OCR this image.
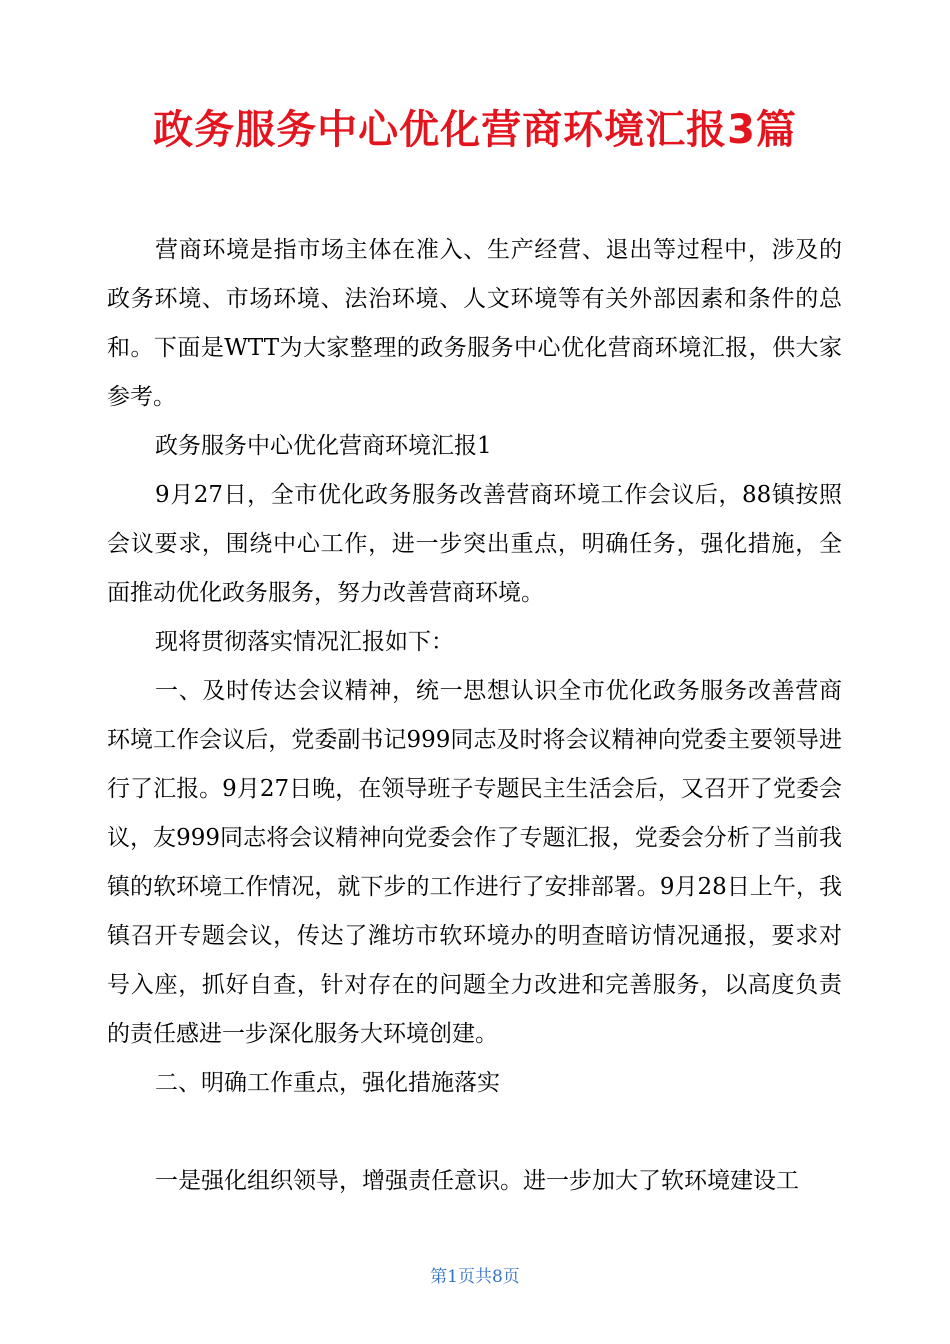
政务服务中心优化营商环境汇报3篇

营商环境是指市场主体在准入、生产经营、退出等过程中，涉及的政务环境、市场环境、法治环境、人文环境等有关外部因素和条件的总和。下面是WTT为大家整理的政务服务中心优化营商环境汇报，供大家参考。

政务服务中心优化营商环境汇报1

9月27日，全市优化政务服务改善营商环境工作会议后，88镇按照会议要求，围绕中心工作，进一步突出重点，明确任务，强化措施，全面推动优化政务服务，努力改善营商环境。

现将贯彻落实情况汇报如下：

一、及时传达会议精神，统一思想认识全市优化政务服务改善营商环境工作会议后，党委副书记999同志及时将会议精神向党委主要领导进行了汇报。9月27日晚，在领导班子专题民主生活会后，又召开了党委会议，友999同志将会议精神向党委会作了专题汇报，党委会分析了当前我镇的软环境工作情况，就下步的工作进行了安排部署。9月28日上午，我镇召开专题会议，传达了潍坊市软环境办的明查暗访情况通报，要求对号入座，抓好自查，针对存在的问题全力改进和完善服务，以高度负责的责任感进一步深化服务大环境创建。

二、明确工作重点，强化措施落实

一是强化组织领导，增强责任意识。进一步加大了软环境建设工

第1页共8页
